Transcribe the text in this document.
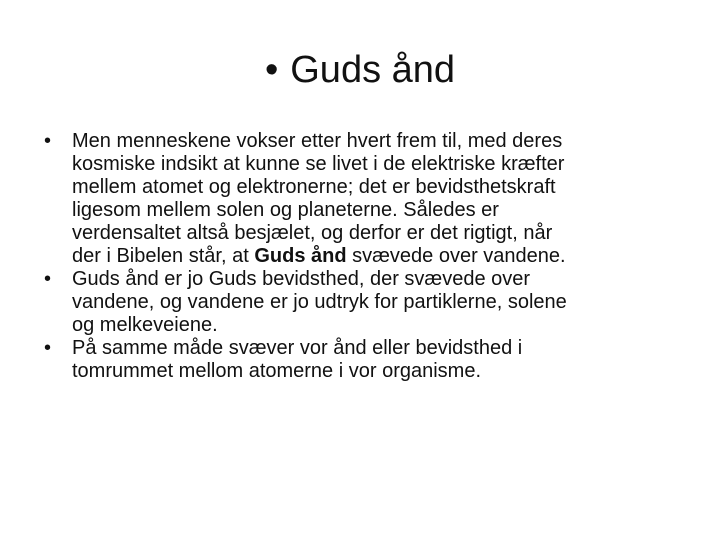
• Guds ånd
•	Men menneskene vokser etter hvert frem til, med deres
kosmiske indsikt at kunne se livet i de elektriske kræfter
mellem atomet og elektronerne; det er bevidsthetskraft
ligesom mellem solen og planeterne. Således er
verdensaltet altså besjælet, og derfor er det rigtigt, når
der i Bibelen står, at Guds ånd svævede over vandene.
•	Guds ånd er jo Guds bevidsthed, der svævede over
vandene, og vandene er jo udtryk for partiklerne, solene
og melkeveiene.
•	På samme måde svæver vor ånd eller bevidsthed i
tomrummet mellom atomerne i vor organisme.
